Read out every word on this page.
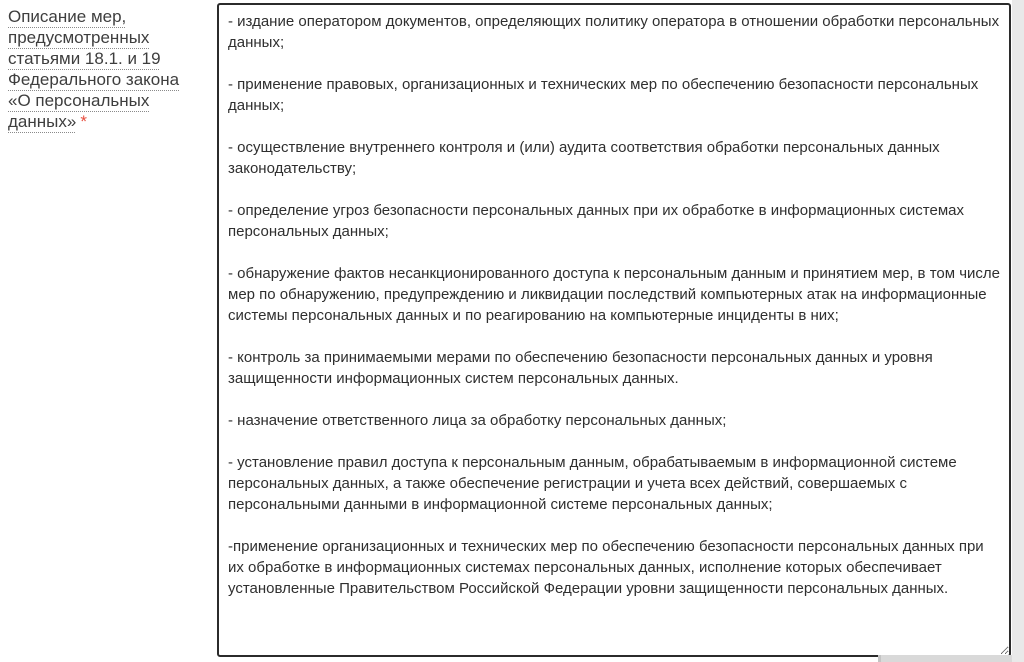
Описание мер, предусмотренных статьями 18.1. и 19 Федерального закона «О персональных данных» *
- издание оператором документов, определяющих политику оператора в отношении обработки персональных данных; - применение правовых, организационных и технических мер по обеспечению безопасности персональных данных; - осуществление внутреннего контроля и (или) аудита соответствия обработки персональных данных законодательству; - определение угроз безопасности персональных данных при их обработке в информационных системах персональных данных; - обнаружение фактов несанкционированного доступа к персональным данным и принятием мер, в том числе мер по обнаружению, предупреждению и ликвидации последствий компьютерных атак на информационные системы персональных данных и по реагированию на компьютерные инциденты в них; - контроль за принимаемыми мерами по обеспечению безопасности персональных данных и уровня защищенности информационных систем персональных данных. - назначение ответственного лица за обработку персональных данных; - установление правил доступа к персональным данным, обрабатываемым в информационной системе персональных данных, а также обеспечение регистрации и учета всех действий, совершаемых с персональными данными в информационной системе персональных данных; -применение организационных и технических мер по обеспечению безопасности персональных данных при их обработке в информационных системах персональных данных, исполнение которых обеспечивает установленные Правительством Российской Федерации уровни защищенности персональных данных.
